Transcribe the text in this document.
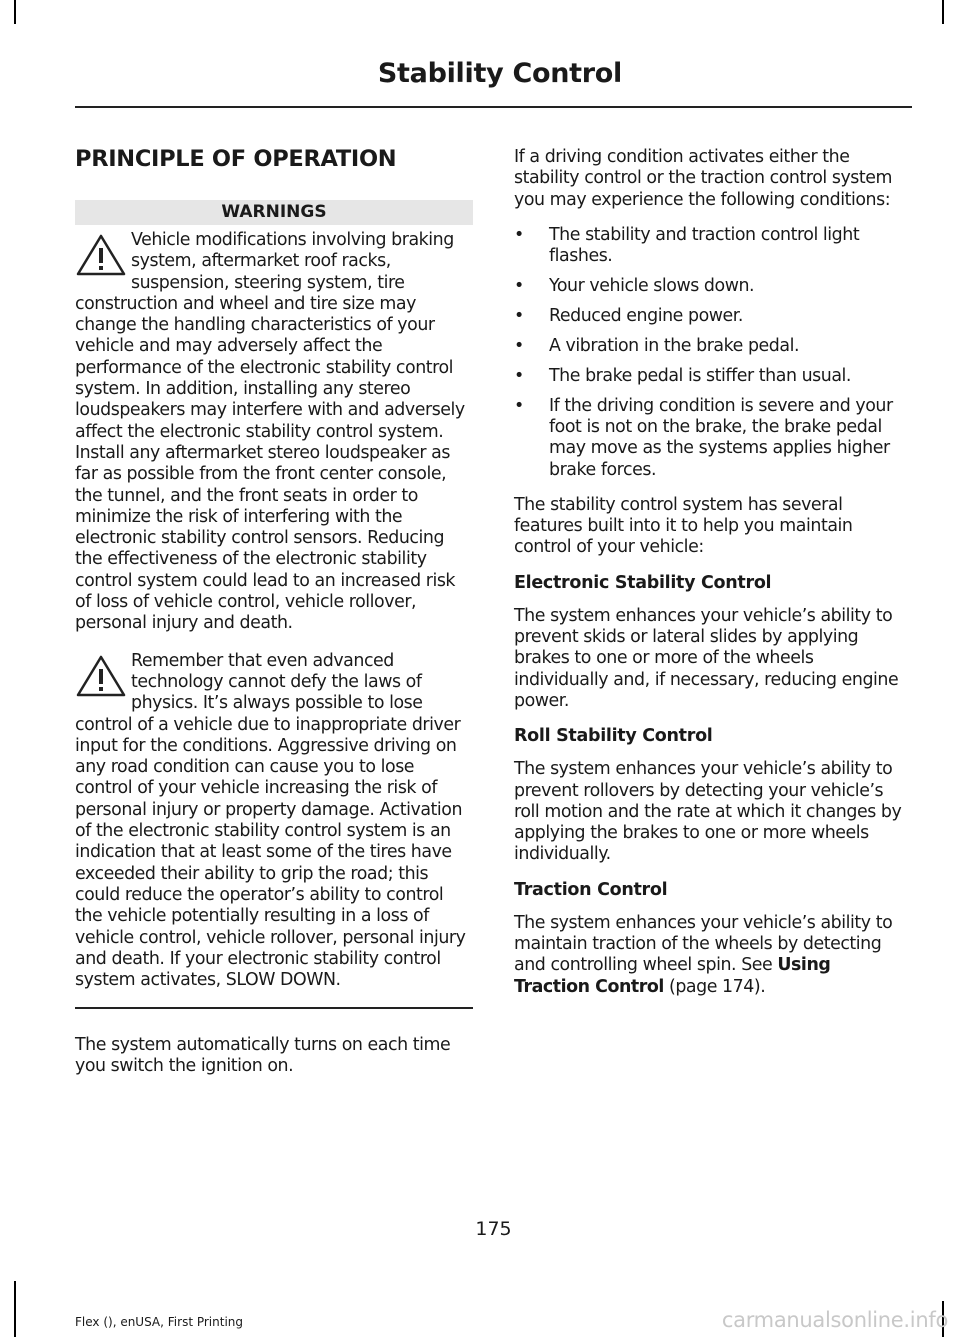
Stability Control
PRINCIPLE OF OPERATION
WARNINGS
Vehicle modifications involving braking system, aftermarket roof racks, suspension, steering system, tire construction and wheel and tire size may change the handling characteristics of your vehicle and may adversely affect the performance of the electronic stability control system. In addition, installing any stereo loudspeakers may interfere with and adversely affect the electronic stability control system. Install any aftermarket stereo loudspeaker as far as possible from the front center console, the tunnel, and the front seats in order to minimize the risk of interfering with the electronic stability control sensors. Reducing the effectiveness of the electronic stability control system could lead to an increased risk of loss of vehicle control, vehicle rollover, personal injury and death.
Remember that even advanced technology cannot defy the laws of physics. It’s always possible to lose control of a vehicle due to inappropriate driver input for the conditions. Aggressive driving on any road condition can cause you to lose control of your vehicle increasing the risk of personal injury or property damage. Activation of the electronic stability control system is an indication that at least some of the tires have exceeded their ability to grip the road; this could reduce the operator’s ability to control the vehicle potentially resulting in a loss of vehicle control, vehicle rollover, personal injury and death. If your electronic stability control system activates, SLOW DOWN.

The system automatically turns on each time you switch the ignition on.

If a driving condition activates either the stability control or the traction control system you may experience the following conditions:

• The stability and traction control light flashes.
• Your vehicle slows down.
• Reduced engine power.
• A vibration in the brake pedal.
• The brake pedal is stiffer than usual.
• If the driving condition is severe and your foot is not on the brake, the brake pedal may move as the systems applies higher brake forces.

The stability control system has several features built into it to help you maintain control of your vehicle:

Electronic Stability Control

The system enhances your vehicle’s ability to prevent skids or lateral slides by applying brakes to one or more of the wheels individually and, if necessary, reducing engine power.

Roll Stability Control

The system enhances your vehicle’s ability to prevent rollovers by detecting your vehicle’s roll motion and the rate at which it changes by applying the brakes to one or more wheels individually.

Traction Control

The system enhances your vehicle’s ability to maintain traction of the wheels by detecting and controlling wheel spin. See Using Traction Control (page 174).

175
Flex (), enUSA, First Printing	carmanualsonline.info
